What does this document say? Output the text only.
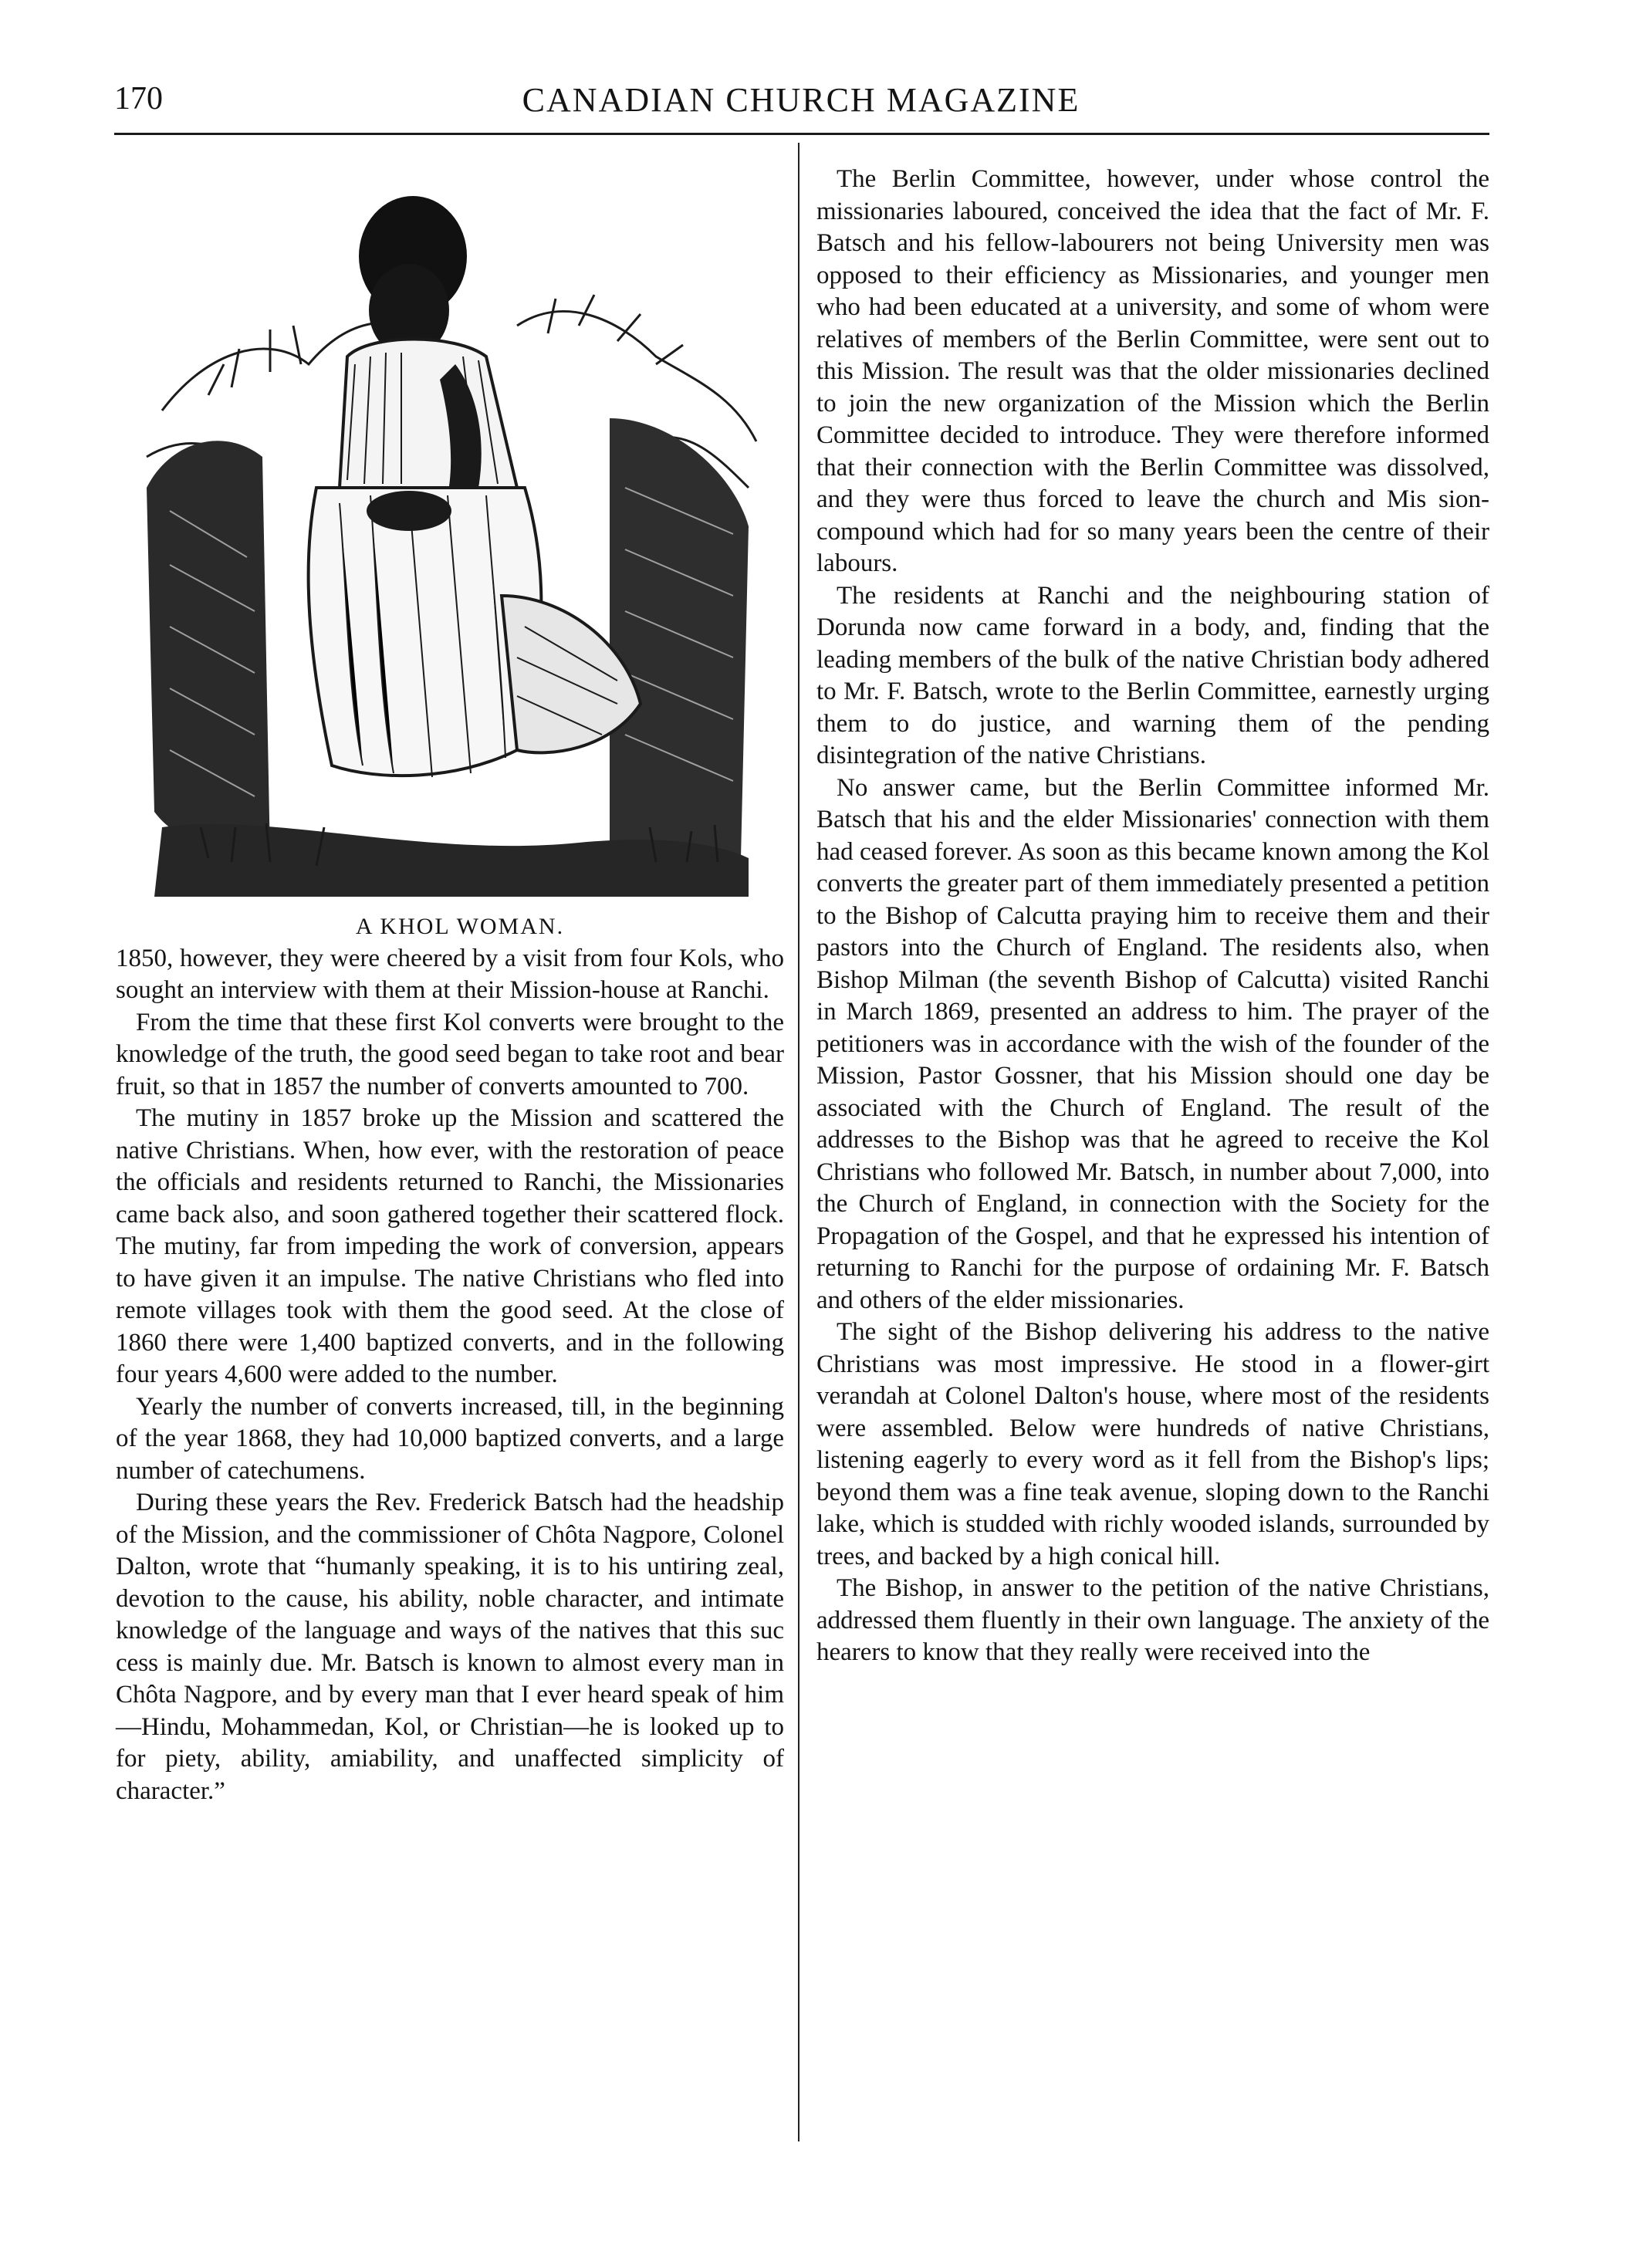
170	CANADIAN CHURCH MAGAZINE

A KHOL WOMAN.

1850, however, they were cheered by a visit from four Kols, who sought an interview with them at their Mission-house at Ranchi.

From the time that these first Kol converts were brought to the knowledge of the truth, the good seed began to take root and bear fruit, so that in 1857 the number of converts amounted to 700.

The mutiny in 1857 broke up the Mission and scattered the native Christians. When, how ever, with the restoration of peace the officials and residents returned to Ranchi, the Missionaries came back also, and soon gathered together their scattered flock. The mutiny, far from impeding the work of conversion, appears to have given it an impulse. The native Christians who fled into remote villages took with them the good seed. At the close of 1860 there were 1,400 baptized converts, and in the following four years 4,600 were added to the number.

Yearly the number of converts increased, till, in the beginning of the year 1868, they had 10,000 baptized converts, and a large number of catechumens.

During these years the Rev. Frederick Batsch had the headship of the Mission, and the commissioner of Chôta Nagpore, Colonel Dalton, wrote that “humanly speaking, it is to his untiring zeal, devotion to the cause, his ability, noble character, and intimate knowledge of the language and ways of the natives that this suc cess is mainly due. Mr. Batsch is known to almost every man in Chôta Nagpore, and by every man that I ever heard speak of him—Hindu, Mohammedan, Kol, or Christian—he is looked up to for piety, ability, amiability, and unaffected simplicity of character.”

The Berlin Committee, however, under whose control the missionaries laboured, conceived the idea that the fact of Mr. F. Batsch and his fellow-labourers not being University men was opposed to their efficiency as Missionaries, and younger men who had been educated at a university, and some of whom were relatives of members of the Berlin Committee, were sent out to this Mission. The result was that the older missionaries declined to join the new organization of the Mission which the Berlin Committee decided to introduce. They were therefore informed that their connection with the Berlin Committee was dissolved, and they were thus forced to leave the church and Mis sion-compound which had for so many years been the centre of their labours.

The residents at Ranchi and the neighbouring station of Dorunda now came forward in a body, and, finding that the leading members of the bulk of the native Christian body adhered to Mr. F. Batsch, wrote to the Berlin Committee, earnestly urging them to do justice, and warning them of the pending disintegration of the native Christians.

No answer came, but the Berlin Committee informed Mr. Batsch that his and the elder Missionaries' connection with them had ceased forever. As soon as this became known among the Kol converts the greater part of them immediately presented a petition to the Bishop of Calcutta praying him to receive them and their pastors into the Church of England. The residents also, when Bishop Milman (the seventh Bishop of Calcutta) visited Ranchi in March 1869, presented an address to him. The prayer of the petitioners was in accordance with the wish of the founder of the Mission, Pastor Gossner, that his Mission should one day be associated with the Church of England. The result of the addresses to the Bishop was that he agreed to receive the Kol Christians who followed Mr. Batsch, in number about 7,000, into the Church of England, in connection with the Society for the Propagation of the Gospel, and that he expressed his intention of returning to Ranchi for the purpose of ordaining Mr. F. Batsch and others of the elder missionaries.

The sight of the Bishop delivering his address to the native Christians was most impressive. He stood in a flower-girt verandah at Colonel Dalton's house, where most of the residents were assembled. Below were hundreds of native Christians, listening eagerly to every word as it fell from the Bishop's lips; beyond them was a fine teak avenue, sloping down to the Ranchi lake, which is studded with richly wooded islands, surrounded by trees, and backed by a high conical hill.

The Bishop, in answer to the petition of the native Christians, addressed them fluently in their own language. The anxiety of the hearers to know that they really were received into the
